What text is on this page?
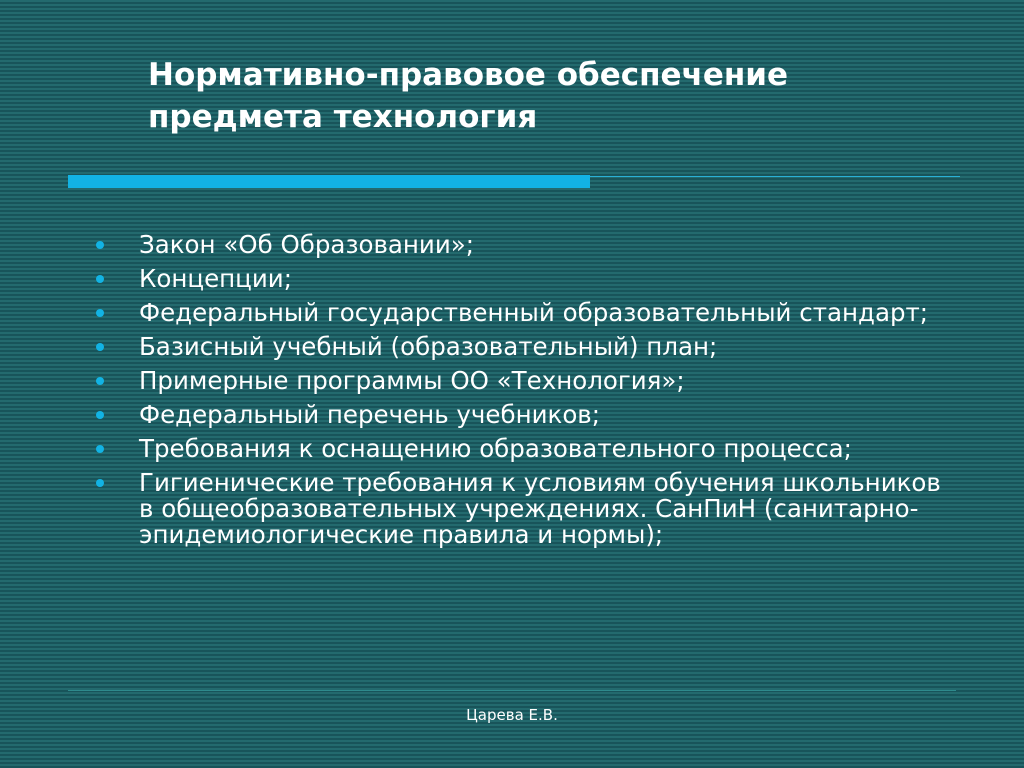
Нормативно-правовое обеспечение
предмета технология
Закон «Об Образовании»;
Концепции;
Федеральный государственный образовательный стандарт;
Базисный учебный (образовательный) план;
Примерные программы ОО «Технология»;
Федеральный перечень учебников;
Требования к оснащению образовательного процесса;
Гигиенические требования к условиям обучения школьников в общеобразовательных учреждениях. СанПиН (санитарно-эпидемиологические правила и нормы);
Царева Е.В.
